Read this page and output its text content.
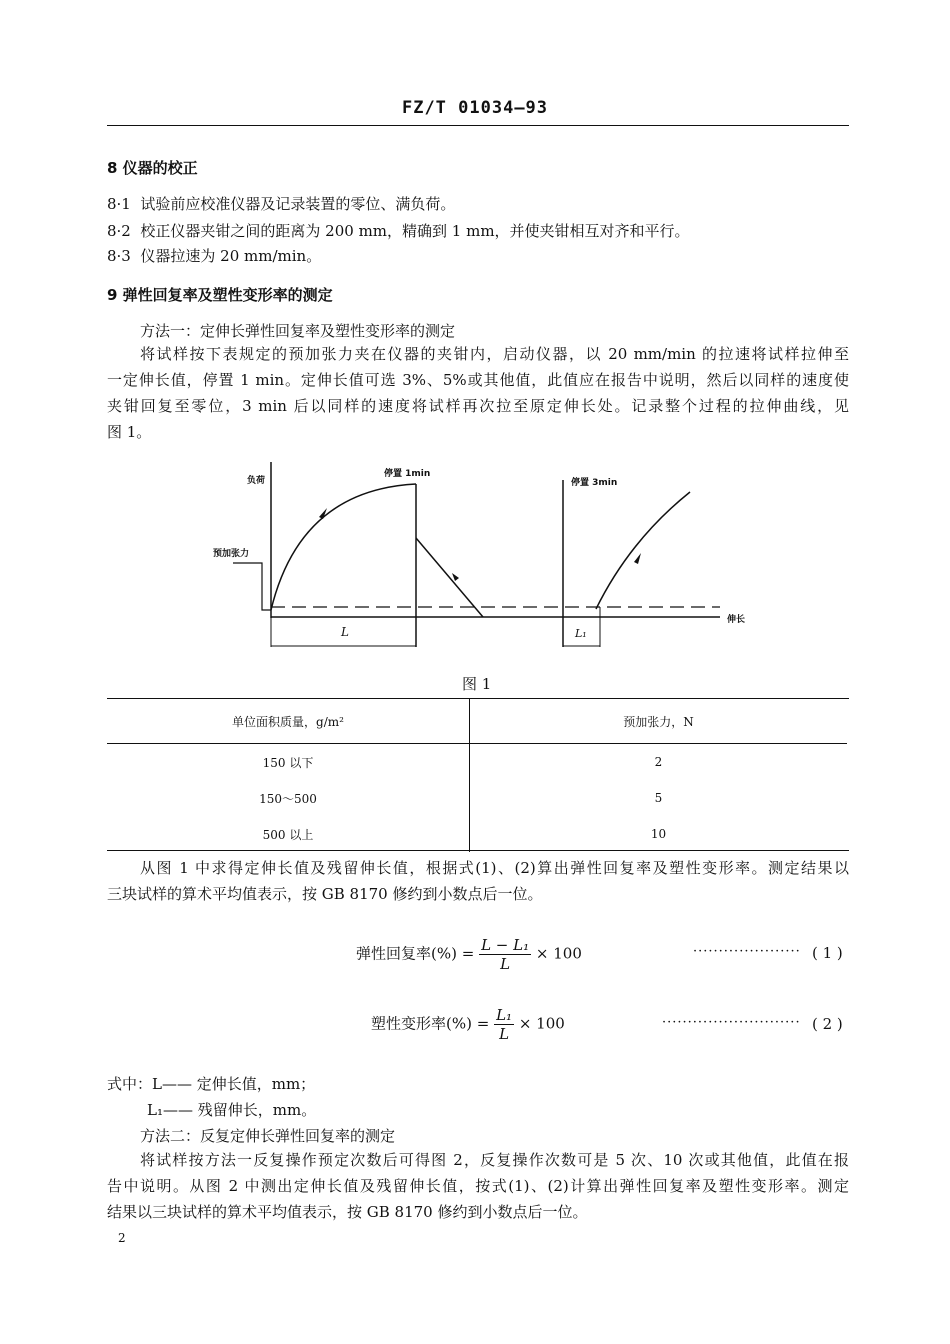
FZ/T 01034—93
8 仪器的校正
8·1 试验前应校准仪器及记录装置的零位、满负荷。
8·2 校正仪器夹钳之间的距离为 200 mm，精确到 1 mm，并使夹钳相互对齐和平行。
8·3 仪器拉速为 20 mm/min。
9 弹性回复率及塑性变形率的测定
方法一：定伸长弹性回复率及塑性变形率的测定
将试样按下表规定的预加张力夹在仪器的夹钳内，启动仪器，以 20 mm/min 的拉速将试样拉伸至
一定伸长值，停置 1 min。定伸长值可选 3%、5%或其他值，此值应在报告中说明，然后以同样的速度使
夹钳回复至零位，3 min 后以同样的速度将试样再次拉至原定伸长处。记录整个过程的拉伸曲线，见
图 1。
负荷
预加张力
停置 1min
停置 3min
伸长
L	L₁
图 1
单位面积质量，g/m²	预加张力，N
150 以下	2
150～500	5
500 以上	10
从图 1 中求得定伸长值及残留伸长值，根据式(1)、(2)算出弹性回复率及塑性变形率。测定结果以
三块试样的算术平均值表示，按 GB 8170 修约到小数点后一位。
弹性回复率(%) = $\frac{\text{L − L₁}}{L} \times 100$	····················· ( 1 )
塑性变形率(%) = $\frac{\text{L₁}}{L} \times 100$	··························· ( 2 )
式中：L—— 定伸长值，mm；
L₁—— 残留伸长，mm。
方法二：反复定伸长弹性回复率的测定
将试样按方法一反复操作预定次数后可得图 2，反复操作次数可是 5 次、10 次或其他值，此值在报
告中说明。从图 2 中测出定伸长值及残留伸长值，按式(1)、(2)计算出弹性回复率及塑性变形率。测定
结果以三块试样的算术平均值表示，按 GB 8170 修约到小数点后一位。
2
